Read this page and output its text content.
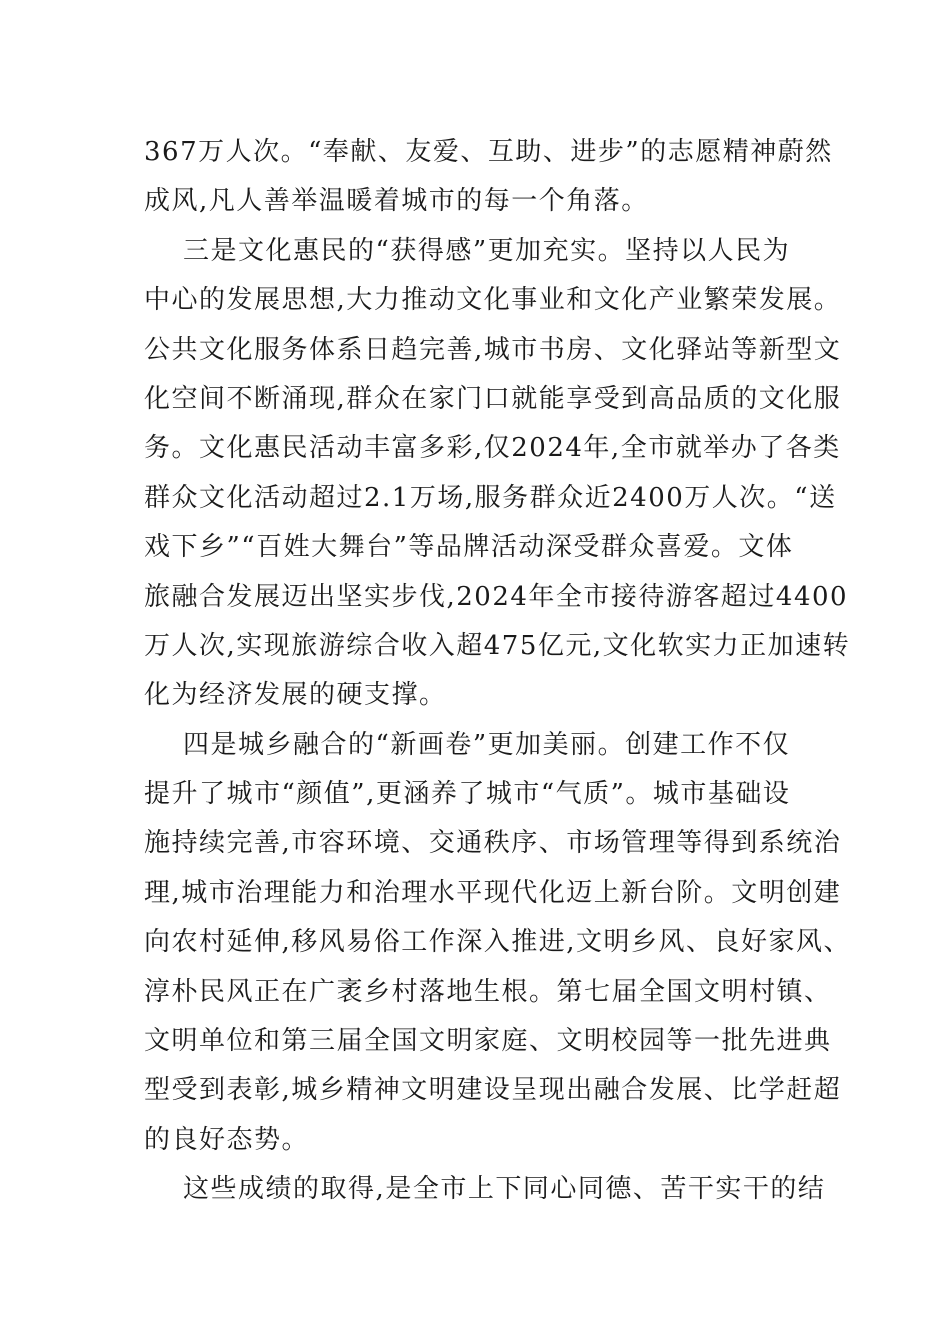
367万人次。“奉献、友爱、互助、进步”的志愿精神蔚然
成风,凡人善举温暖着城市的每一个角落。
三是文化惠民的“获得感”更加充实。坚持以人民为
中心的发展思想,大力推动文化事业和文化产业繁荣发展。
公共文化服务体系日趋完善,城市书房、文化驿站等新型文
化空间不断涌现,群众在家门口就能享受到高品质的文化服
务。文化惠民活动丰富多彩,仅2024年,全市就举办了各类
群众文化活动超过2.1万场,服务群众近2400万人次。“送
戏下乡”“百姓大舞台”等品牌活动深受群众喜爱。文体
旅融合发展迈出坚实步伐,2024年全市接待游客超过4400
万人次,实现旅游综合收入超475亿元,文化软实力正加速转
化为经济发展的硬支撑。
四是城乡融合的“新画卷”更加美丽。创建工作不仅
提升了城市“颜值”,更涵养了城市“气质”。城市基础设
施持续完善,市容环境、交通秩序、市场管理等得到系统治
理,城市治理能力和治理水平现代化迈上新台阶。文明创建
向农村延伸,移风易俗工作深入推进,文明乡风、良好家风、
淳朴民风正在广袤乡村落地生根。第七届全国文明村镇、
文明单位和第三届全国文明家庭、文明校园等一批先进典
型受到表彰,城乡精神文明建设呈现出融合发展、比学赶超
的良好态势。
这些成绩的取得,是全市上下同心同德、苦干实干的结
